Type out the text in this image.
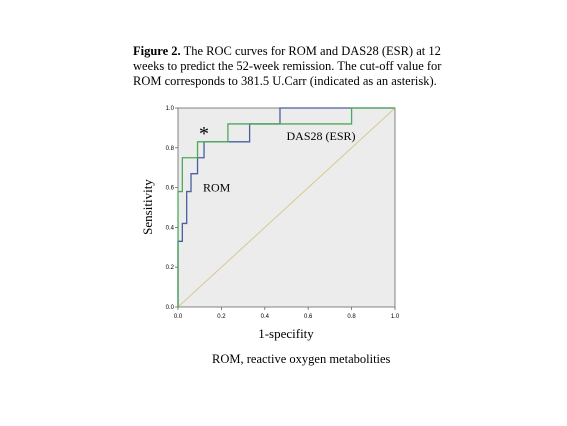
Figure 2. The ROC curves for ROM and DAS28 (ESR) at 12 weeks to predict the 52-week remission. The cut-off value for ROM corresponds to 381.5 U.Carr (indicated as an asterisk).
0.0	0.2	0.4	0.6	0.8	1.0
0.0
0.2
0.4
0.6
0.8
1.0
*
ROM
DAS28 (ESR)
1-specifity
Sensitivity
ROM, reactive oxygen metabolities
